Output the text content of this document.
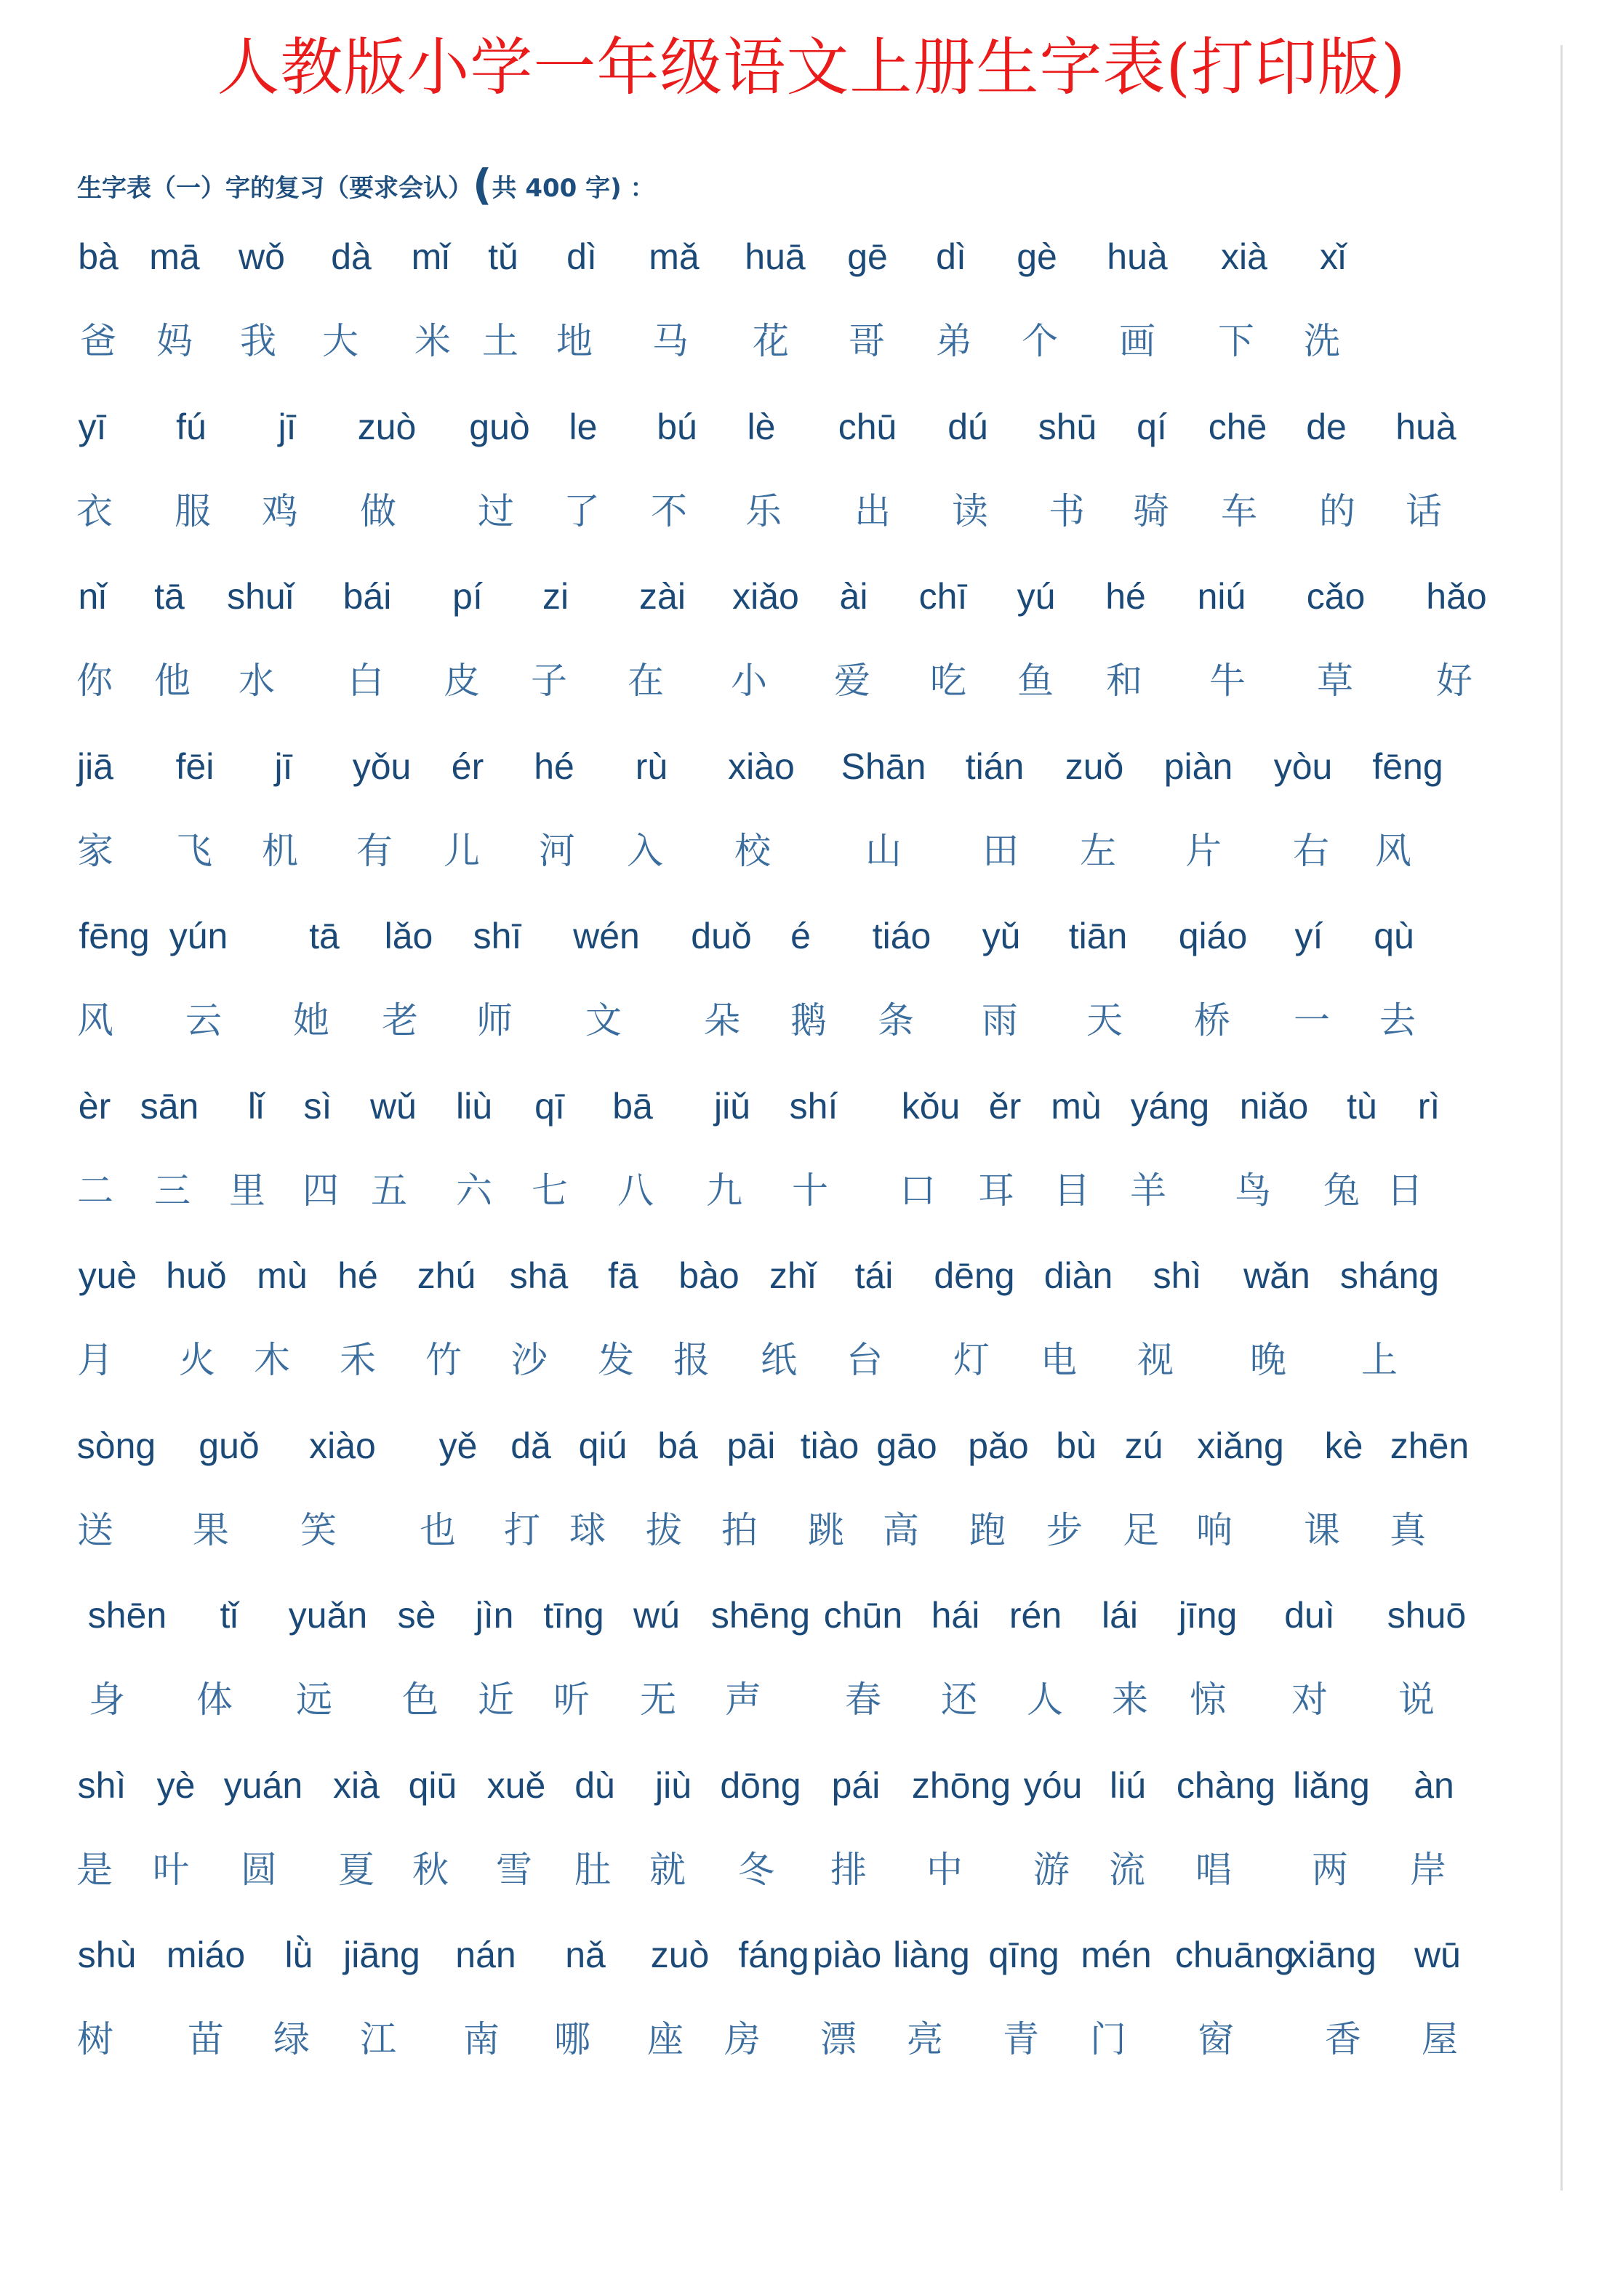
人教版小学一年级语文上册生字表(打印版)
生字表（一）字的复习（要求会认）(共 400 字) ：
bà mā wǒ dà mǐ tǔ dì mǎ huā gē dì gè huà xià xǐ
爸 妈 我 大 米 土 地 马 花 哥 弟 个 画 下 洗
yī fú jī zuò guò le bú lè chū dú shū qí chē de huà
衣 服 鸡 做 过 了 不 乐 出 读 书 骑 车 的 话
nǐ tā shuǐ bái pí zi zài xiǎo ài chī yú hé niú cǎo hǎo
你 他 水 白 皮 子 在 小 爱 吃 鱼 和 牛 草 好
jiā fēi jī yǒu ér hé rù xiào Shān tián zuǒ piàn yòu fēng
家 飞 机 有 儿 河 入 校	山 田 左 片 右 风
fēng yún tā lǎo shī wén duǒ é tiáo yǔ tiān qiáo yí qù
风 云 她 老 师 文 朵 鹅 条 雨 天 桥 一 去
èr sān lǐ sì wǔ liù qī bā jiǔ shí kǒu ěr mù yáng niǎo tù rì
二 三 里 四 五 六 七 八 九 十 口 耳 目 羊 鸟 兔 日
yuè huǒ mù hé zhú shā fā bào zhǐ tái dēng diàn shì wǎn sháng
月 火 木 禾 竹 沙 发 报 纸 台 灯 电 视 晚 上
sòng guǒ xiào yě dǎ qiú bá pāi tiào gāo pǎo bù zú xiǎng kè zhēn
送 果 笑 也 打 球 拔 拍 跳 高 跑 步 足 响 课 真
shēn tǐ yuǎn sè jìn tīng wú shēng chūn hái rén lái jīng duì shuō
身 体 远 色 近 听 无 声 春 还 人 来 惊 对 说
shì yè yuán xià qiū xuě dù jiù dōng pái zhōng yóu liú chàng liǎng àn
是 叶 圆 夏 秋 雪 肚 就 冬 排 中 游 流 唱 两 岸
shù miáo lǜ jiāng nán nǎ zuò fáng piào liàng qīng mén chuāng
xiāng wū
树 苗 绿 江 南 哪 座 房 漂 亮 青 门 窗	香 屋
